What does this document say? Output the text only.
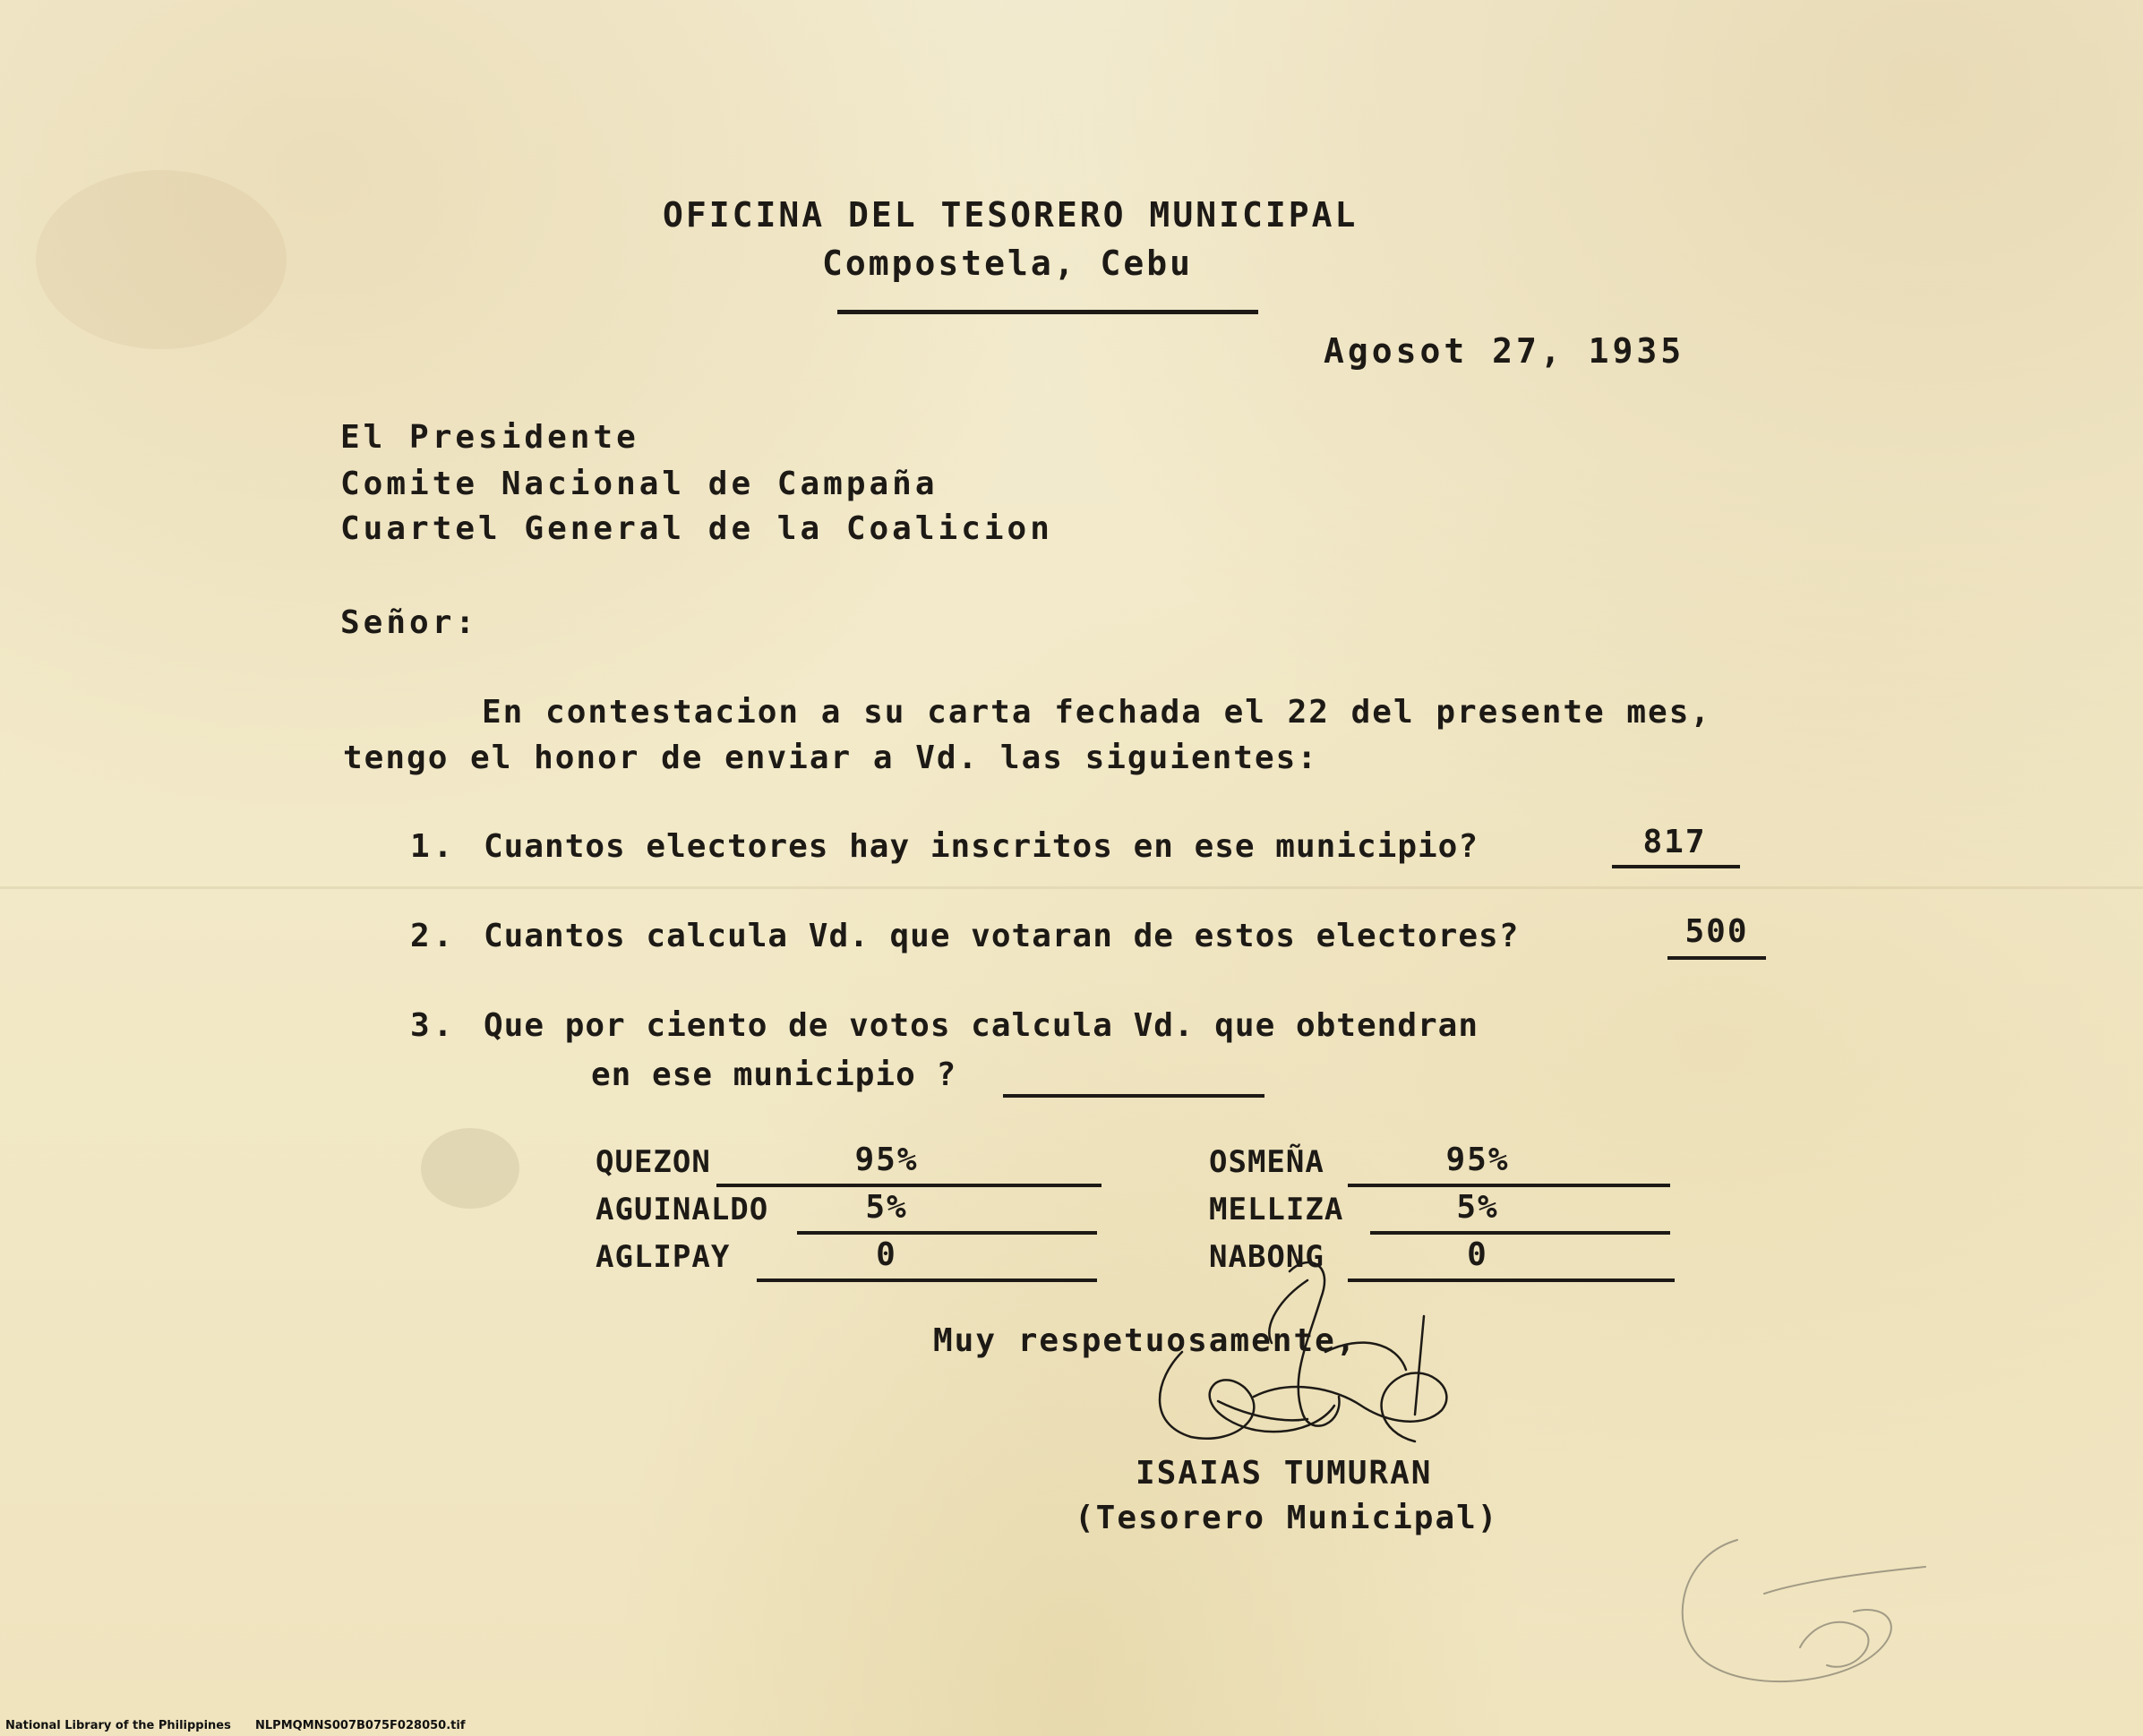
OFICINA DEL TESORERO MUNICIPAL
Compostela, Cebu
Agosot 27, 1935
El Presidente
Comite Nacional de Campaña
Cuartel General de la Coalicion
Señor:
En contestacion a su carta fechada el 22 del presente mes,
tengo el honor de enviar a Vd. las siguientes:
1. Cuantos electores hay inscritos en ese municipio?	817
2. Cuantos calcula Vd. que votaran de estos electores?	500
3. Que por ciento de votos calcula Vd. que obtendran
en ese municipio ?
QUEZON	95%
AGUINALDO	5%
AGLIPAY	0
OSMEÑA	95%
MELLIZA	5%
NABONG	0
Muy respetuosamente,
ISAIAS TUMURAN
(Tesorero Municipal)
National Library of the Philippines NLPMQMNS007B075F028050.tif
